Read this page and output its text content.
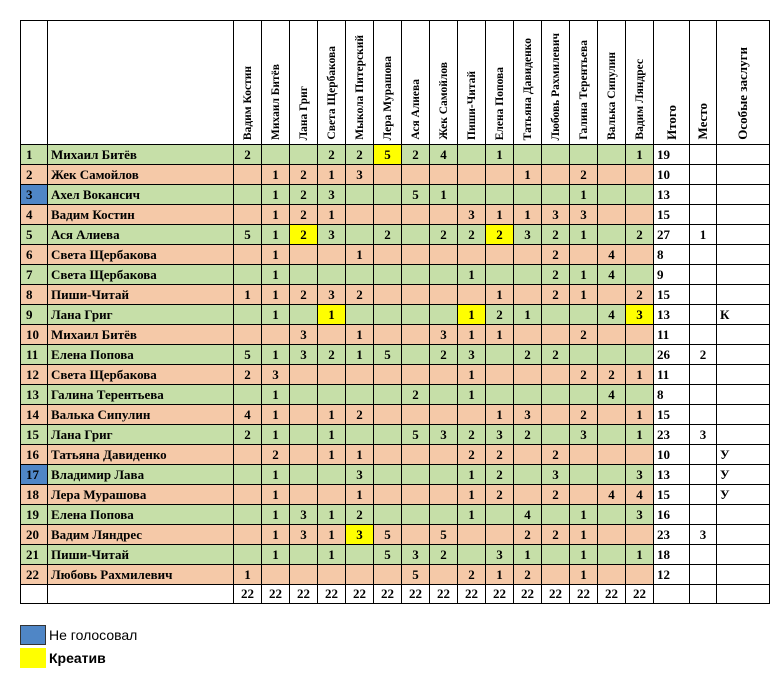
		Вадим Костин	Михаил Битёв	Лана Григ	Света Щербакова	Мыкола Питерский	Лера Мурашова	Ася Алиева	Жек Самойлов	Пиши-Читай	Елена Попова	Татьяна Давиденко	Любовь Рахмилевич	Галина Терентьева	Валька Сипулин	Вадим Ляндрес	Итого	Место	Особые заслуги

1	Михаил Битёв	2			2	2	5	2	4		1					1	19		
2	Жек Самойлов		1	2	1	3						1		2			10		
3	Ахел Вокансич		1	2	3			5	1					1			13		
4	Вадим Костин		1	2	1					3	1	1	3	3			15		
5	Ася Алиева	5	1	2	3		2		2	2	2	3	2	1		2	27	1	
6	Света Щербакова		1			1							2		4		8		
7	Света Щербакова		1							1			2	1	4		9		
8	Пиши-Читай	1	1	2	3	2					1		2	1		2	15		
9	Лана Григ		1		1					1	2	1			4	3	13		К
10	Михаил Битёв			3		1			3	1	1			2			11		
11	Елена Попова	5	1	3	2	1	5		2	3		2	2				26	2	
12	Света Щербакова	2	3							1				2	2	1	11		
13	Галина Терентьева		1					2		1					4		8		
14	Валька Сипулин	4	1		1	2					1	3		2		1	15		
15	Лана Григ	2	1		1			5	3	2	3	2		3		1	23	3	
16	Татьяна Давиденко		2		1	1				2	2		2				10		У
17	Владимир Лава		1			3				1	2		3			3	13		У
18	Лера Мурашова		1			1				1	2		2		4	4	15		У
19	Елена Попова		1	3	1	2				1		4		1		3	16		
20	Вадим Ляндрес		1	3	1	3	5		5			2	2	1			23	3	
21	Пиши-Читай		1		1		5	3	2		3	1		1		1	18		
22	Любовь Рахмилевич	1						5		2	1	2		1			12		
		22	22	22	22	22	22	22	22	22	22	22	22	22	22	22			
Не голосовал
Креатив
